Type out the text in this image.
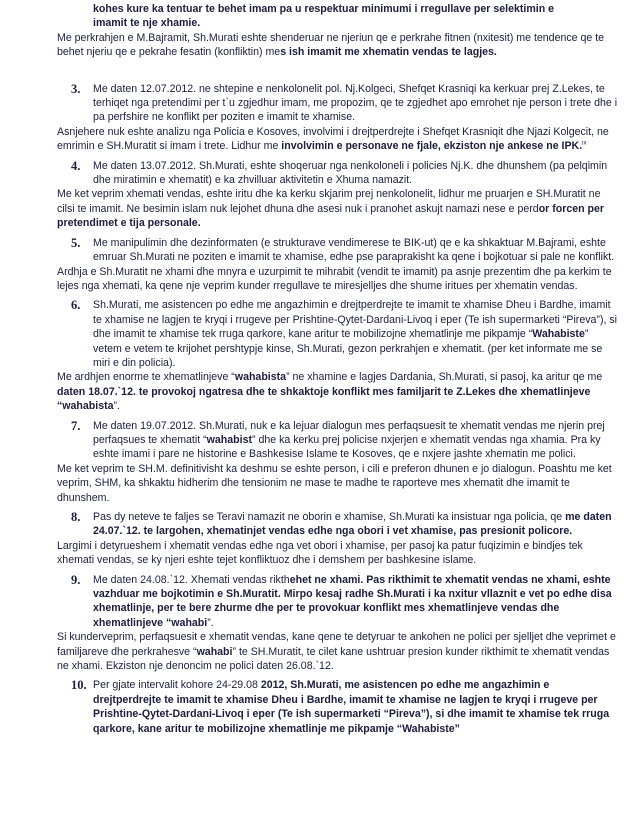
kohes kure ka tentuar te behet imam pa u respektuar minimumi i rregullave per selektimin e
imamit te nje xhamie.
Me perkrahjen e M.Bajramit, Sh.Murati eshte shenderuar ne njeriun qe e perkrahe fitnen (nxitesit) me tendence qe te behet njeriu qe e pekrahe fesatin (konfliktin) mes ish imamit me xhematin vendas te lagjes.
3. Me daten 12.07.2012. ne shtepine e nenkolonelit pol. Nj.Kolgeci, Shefqet Krasniqi ka kerkuar prej Z.Lekes, te terhiqet nga pretendimi per t`u zgjedhur imam, me propozim, qe te zgjedhet apo emrohet nje person i trete dhe i pa perfshire ne konflikt per poziten e imamit te xhamise.
Asnjehere nuk eshte analizu nga Policia e Kosoves, involvimi i drejtperdrejte i Shefqet Krasniqit dhe Njazi Kolgecit, ne emrimin e SH.Muratit si imam i trete. Lidhur me involvimin e personave ne fjale, ekziston nje ankese ne IPK.$^{ix}$
4. Me daten 13.07.2012. Sh.Murati, eshte shoqeruar nga nenkoloneli i policies Nj.K. dhe dhunshem (pa pelqimin dhe miratimin e xhematit) e ka zhvilluar aktivitetin e Xhuma namazit.
Me ket veprim xhemati vendas, eshte iritu dhe ka kerku skjarim prej nenkolonelit, lidhur me pruarjen e SH.Muratit ne cilsi te imamit. Ne besimin islam nuk lejohet dhuna dhe asesi nuk i pranohet askujt namazi nese e perdor forcen per pretendimet e tija personale.
5. Me manipulimin dhe dezinformaten (e strukturave vendimerese te BIK-ut) qe e ka shkaktuar M.Bajrami, eshte emruar Sh.Murati ne poziten e imamit te xhamise, edhe pse paraprakisht ka qene i bojkotuar si pale ne konflikt.
Ardhja e Sh.Muratit ne xhami dhe mnyra e uzurpimit te mihrabit (vendit te imamit) pa asnje prezentim dhe pa kerkim te lejes nga xhemati, ka qene nje veprim kunder rregullave te miresjelljes dhe shume iritues per xhematin vendas.
6. Sh.Murati, me asistencen po edhe me angazhimin e drejtperdrejte te imamit te xhamise Dheu i Bardhe, imamit te xhamise ne lagjen te kryqi i rrugeve per Prishtine-Qytet-Dardani-Livoq i eper (Te ish supermarketi “Pireva”), si dhe imamit te xhamise tek rruga qarkore, kane aritur te mobilizojne xhematlinje me pikpamje “Wahabiste” vetem e vetem te krijohet pershtypje kinse, Sh.Murati, gezon perkrahjen e xhematit. (per ket informate me se miri e din policia).
Me ardhjen enorme te xhematlinjeve “wahabista” ne xhamine e lagjes Dardania, Sh.Murati, si pasoj, ka aritur qe me daten 18.07.`12. te provokoj ngatresa dhe te shkaktoje konflikt mes familjarit te Z.Lekes dhe xhematlinjeve “wahabista”.
7. Me daten 19.07.2012. Sh.Murati, nuk e ka lejuar dialogun mes perfaqsuesit te xhematit vendas me njerin prej perfaqsues te xhematit “wahabist” dhe ka kerku prej policise nxjerjen e xhematit vendas nga xhamia. Pra ky eshte imami i pare ne historine e Bashkesise Islame te Kosoves, qe e nxjere jashte xhematin me polici.
Me ket veprim te SH.M. definitivisht ka deshmu se eshte person, i cili e preferon dhunen e jo dialogun. Poashtu me ket veprim, SHM, ka shkaktu hidherim dhe tensionim ne mase te madhe te raporteve mes xhematit dhe imamit te dhunshem.
8. Pas dy neteve te faljes se Teravi namazit ne oborin e xhamise, Sh.Murati ka insistuar nga policia, qe me daten 24.07.`12. te largohen, xhematinjet vendas edhe nga obori i vet xhamise, pas presionit policore.
Largimi i detyrueshem i xhematit vendas edhe nga vet obori i xhamise, per pasoj ka patur fuqizimin e bindjes tek xhemati vendas, se ky njeri eshte tejet konfliktuoz dhe i demshem per bashkesine islame.
9. Me daten 24.08.`12. Xhemati vendas rikthehet ne xhami. Pas rikthimit te xhematit vendas ne xhami, eshte vazhduar me bojkotimin e Sh.Muratit. Mirpo kesaj radhe Sh.Murati i ka nxitur vllaznit e vet po edhe disa xhematlinje, per te bere zhurme dhe per te provokuar konflikt mes xhematlinjeve vendas dhe xhematlinjeve “wahabi”.
Si kunderveprim, perfaqsuesit e xhematit vendas, kane qene te detyruar te ankohen ne polici per sjelljet dhe veprimet e familjareve dhe perkrahesve “wahabi” te SH.Muratit, te cilet kane ushtruar presion kunder rikthimit te xhematit vendas ne xhami. Ekziston nje denoncim ne polici daten 26.08.`12.
10. Per gjate intervalit kohore 24-29.08 2012, Sh.Murati, me asistencen po edhe me angazhimin e drejtperdrejte te imamit te xhamise Dheu i Bardhe, imamit te xhamise ne lagjen te kryqi i rrugeve per Prishtine-Qytet-Dardani-Livoq i eper (Te ish supermarketi “Pireva”), si dhe imamit te xhamise tek rruga qarkore, kane aritur te mobilizojne xhematlinje me pikpamje “Wahabiste”
